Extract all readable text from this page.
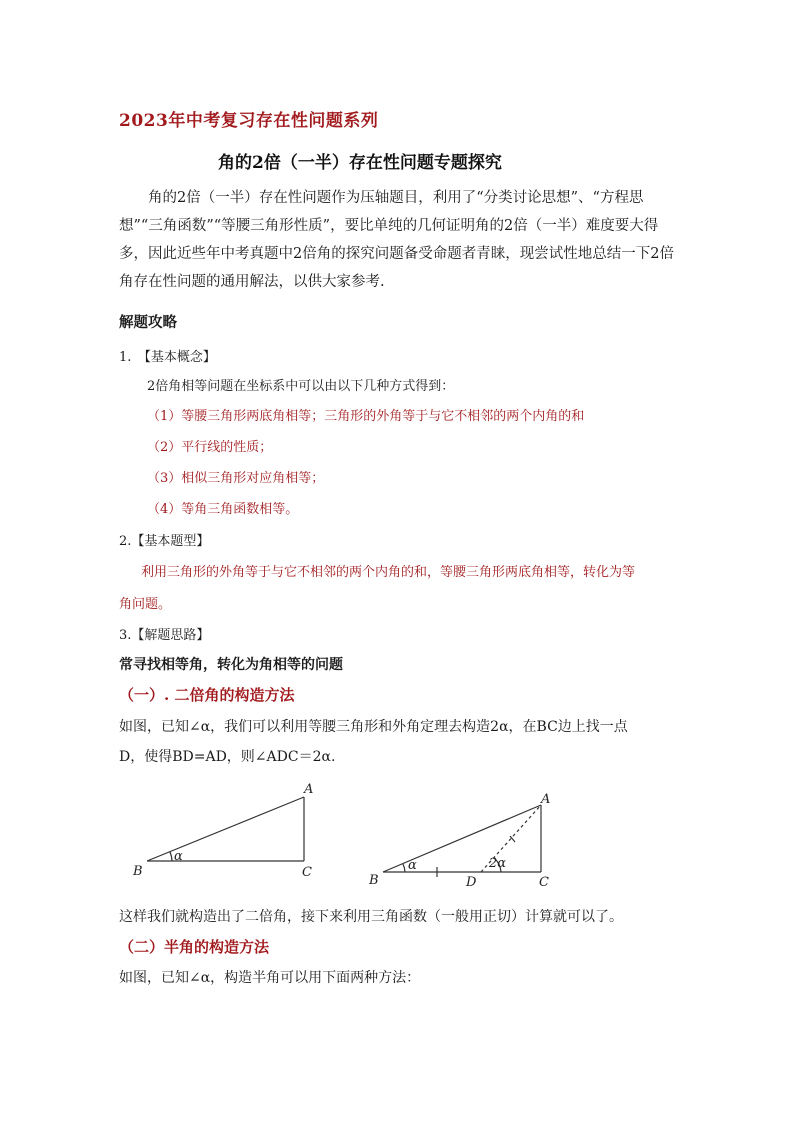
2023年中考复习存在性问题系列
角的2倍（一半）存在性问题专题探究
角的2倍（一半）存在性问题作为压轴题目，利用了“分类讨论思想”、“方程思想”“三角函数”“等腰三角形性质”，要比单纯的几何证明角的2倍（一半）难度要大得多，因此近些年中考真题中2倍角的探究问题备受命题者青睐，现尝试性地总结一下2倍角存在性问题的通用解法，以供大家参考.
解题攻略
1.　【基本概念】
2倍角相等问题在坐标系中可以由以下几种方式得到：
（1）等腰三角形两底角相等；三角形的外角等于与它不相邻的两个内角的和
（2）平行线的性质；
（3）相似三角形对应角相等；
（4）等角三角函数相等。
2.【基本题型】
利用三角形的外角等于与它不相邻的两个内角的和，等腰三角形两底角相等，转化为等
角问题。
3.【解题思路】
常寻找相等角，转化为角相等的问题
（一）. 二倍角的构造方法
如图，已知∠α，我们可以利用等腰三角形和外角定理去构造2α，在BC边上找一点
D，使得BD=AD，则∠ADC＝2α.
A
B	C
α
A
B	C
D
α	2α
这样我们就构造出了二倍角，接下来利用三角函数（一般用正切）计算就可以了。
（二）半角的构造方法
如图，已知∠α，构造半角可以用下面两种方法：
